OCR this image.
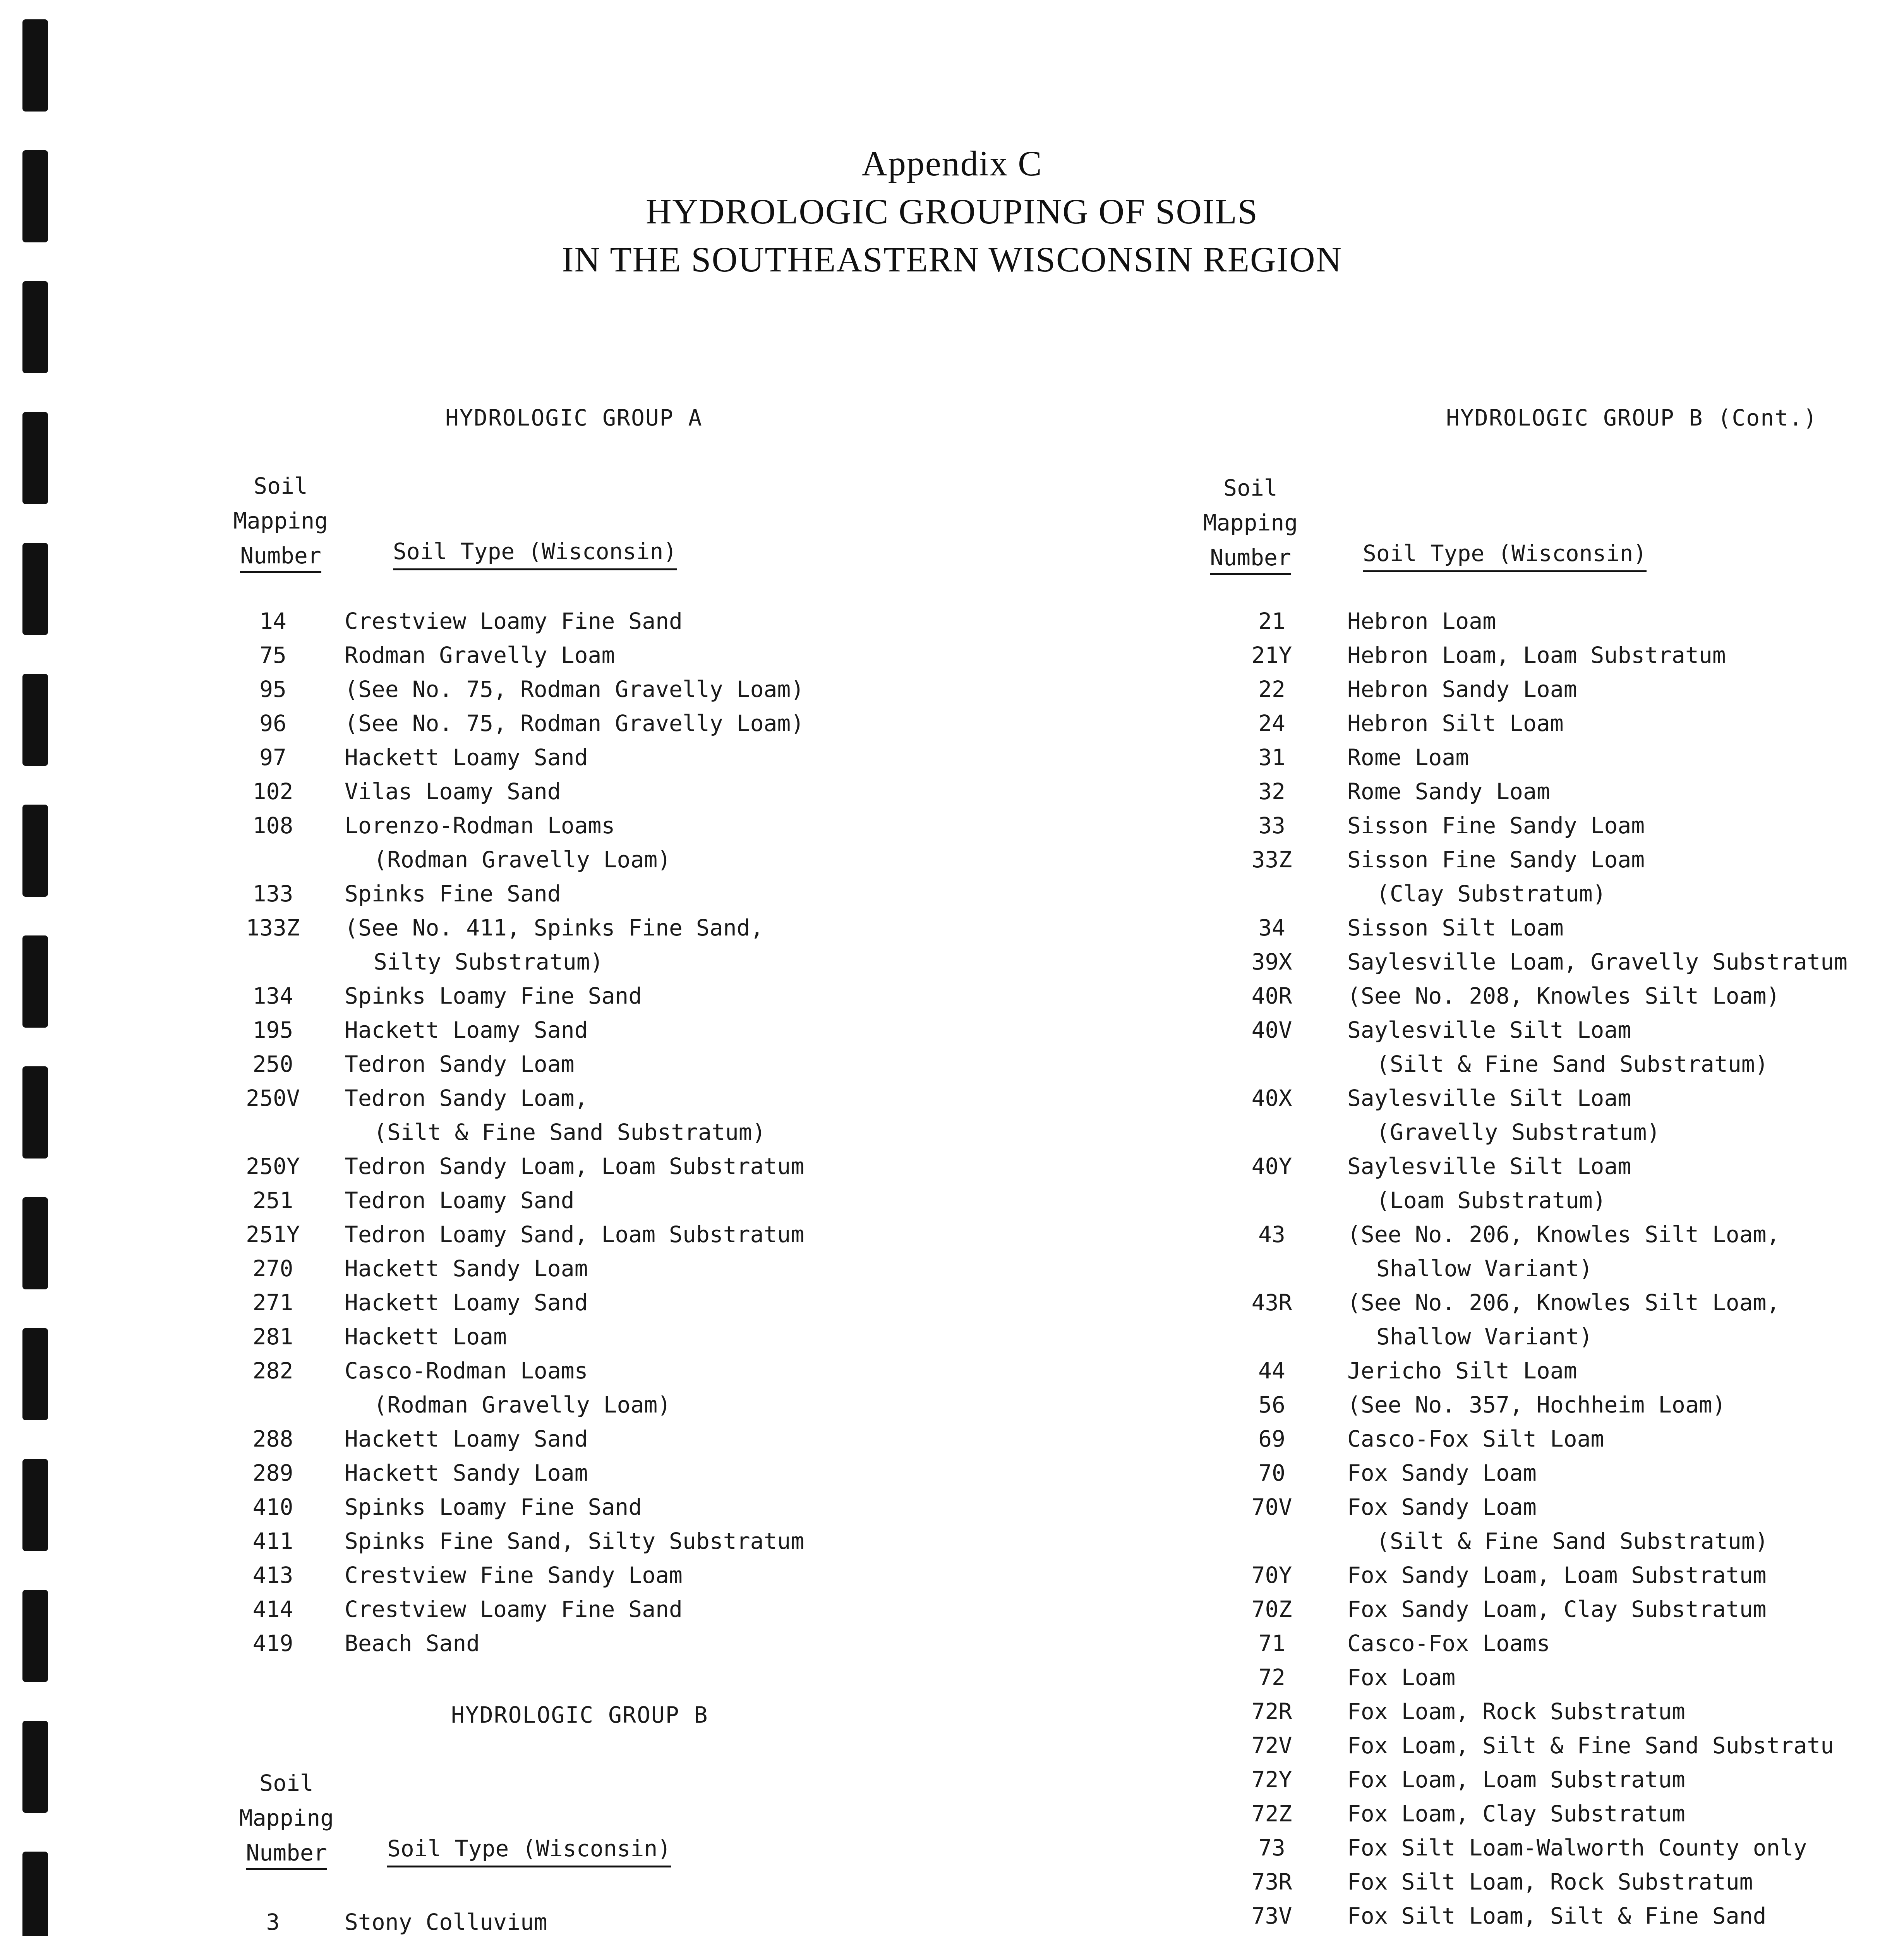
Appendix C
HYDROLOGIC GROUPING OF SOILS
IN THE SOUTHEASTERN WISCONSIN REGION
HYDROLOGIC GROUP A
Soil
Mapping
Number	Soil Type (Wisconsin)
14	Crestview Loamy Fine Sand
75	Rodman Gravelly Loam
95	(See No. 75, Rodman Gravelly Loam)
96	(See No. 75, Rodman Gravelly Loam)
97	Hackett Loamy Sand
102	Vilas Loamy Sand
108	Lorenzo-Rodman Loams
(Rodman Gravelly Loam)
133	Spinks Fine Sand
133Z	(See No. 411, Spinks Fine Sand,
Silty Substratum)
134	Spinks Loamy Fine Sand
195	Hackett Loamy Sand
250	Tedron Sandy Loam
250V	Tedron Sandy Loam,
(Silt & Fine Sand Substratum)
250Y	Tedron Sandy Loam, Loam Substratum
251	Tedron Loamy Sand
251Y	Tedron Loamy Sand, Loam Substratum
270	Hackett Sandy Loam
271	Hackett Loamy Sand
281	Hackett Loam
282	Casco-Rodman Loams
(Rodman Gravelly Loam)
288	Hackett Loamy Sand
289	Hackett Sandy Loam
410	Spinks Loamy Fine Sand
411	Spinks Fine Sand, Silty Substratum
413	Crestview Fine Sandy Loam
414	Crestview Loamy Fine Sand
419	Beach Sand
HYDROLOGIC GROUP B
Soil
Mapping
Number	Soil Type (Wisconsin)
3	Stony Colluvium
HYDROLOGIC GROUP B (Cont.)
Soil
Mapping
Number	Soil Type (Wisconsin)
21	Hebron Loam
21Y	Hebron Loam, Loam Substratum
22	Hebron Sandy Loam
24	Hebron Silt Loam
31	Rome Loam
32	Rome Sandy Loam
33	Sisson Fine Sandy Loam
33Z	Sisson Fine Sandy Loam
(Clay Substratum)
34	Sisson Silt Loam
39X	Saylesville Loam, Gravelly Substratum
40R	(See No. 208, Knowles Silt Loam)
40V	Saylesville Silt Loam
(Silt & Fine Sand Substratum)
40X	Saylesville Silt Loam
(Gravelly Substratum)
40Y	Saylesville Silt Loam
(Loam Substratum)
43	(See No. 206, Knowles Silt Loam,
Shallow Variant)
43R	(See No. 206, Knowles Silt Loam,
Shallow Variant)
44	Jericho Silt Loam
56	(See No. 357, Hochheim Loam)
69	Casco-Fox Silt Loam
70	Fox Sandy Loam
70V	Fox Sandy Loam
(Silt & Fine Sand Substratum)
70Y	Fox Sandy Loam, Loam Substratum
70Z	Fox Sandy Loam, Clay Substratum
71	Casco-Fox Loams
72	Fox Loam
72R	Fox Loam, Rock Substratum
72V	Fox Loam, Silt & Fine Sand Substratu
72Y	Fox Loam, Loam Substratum
72Z	Fox Loam, Clay Substratum
73	Fox Silt Loam-Walworth County only
73R	Fox Silt Loam, Rock Substratum
73V	Fox Silt Loam, Silt & Fine Sand
